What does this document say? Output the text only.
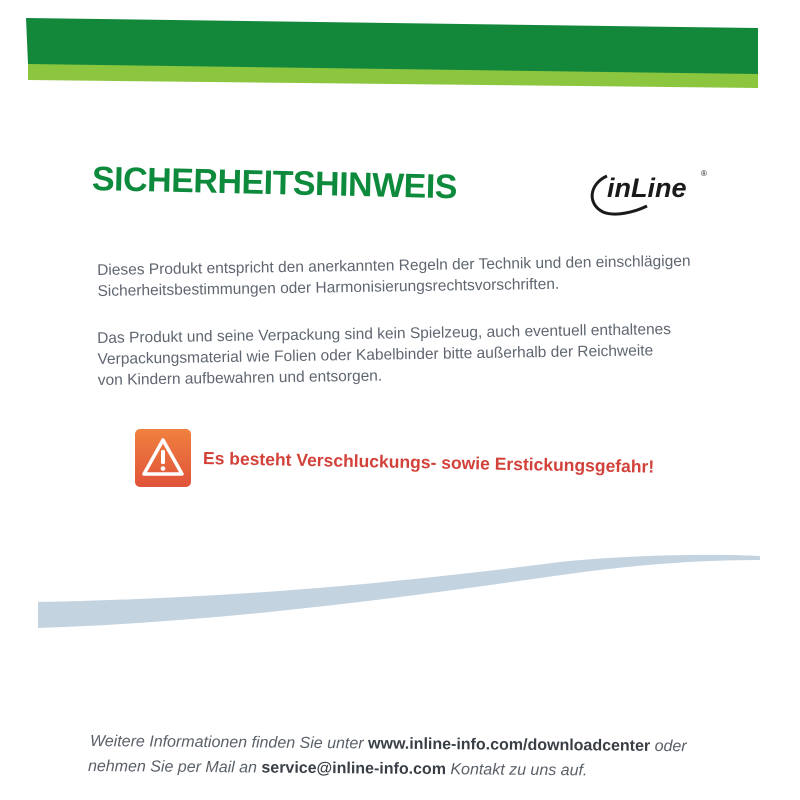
SICHERHEITSHINWEIS	inLine ®

Dieses Produkt entspricht den anerkannten Regeln der Technik und den einschlägigen
Sicherheitsbestimmungen oder Harmonisierungsrechtsvorschriften.

Das Produkt und seine Verpackung sind kein Spielzeug, auch eventuell enthaltenes
Verpackungsmaterial wie Folien oder Kabelbinder bitte außerhalb der Reichweite
von Kindern aufbewahren und entsorgen.

Es besteht Verschluckungs- sowie Erstickungsgefahr!
Weitere Informationen finden Sie unter www.inline-info.com/downloadcenter oder
nehmen Sie per Mail an service@inline-info.com Kontakt zu uns auf.
